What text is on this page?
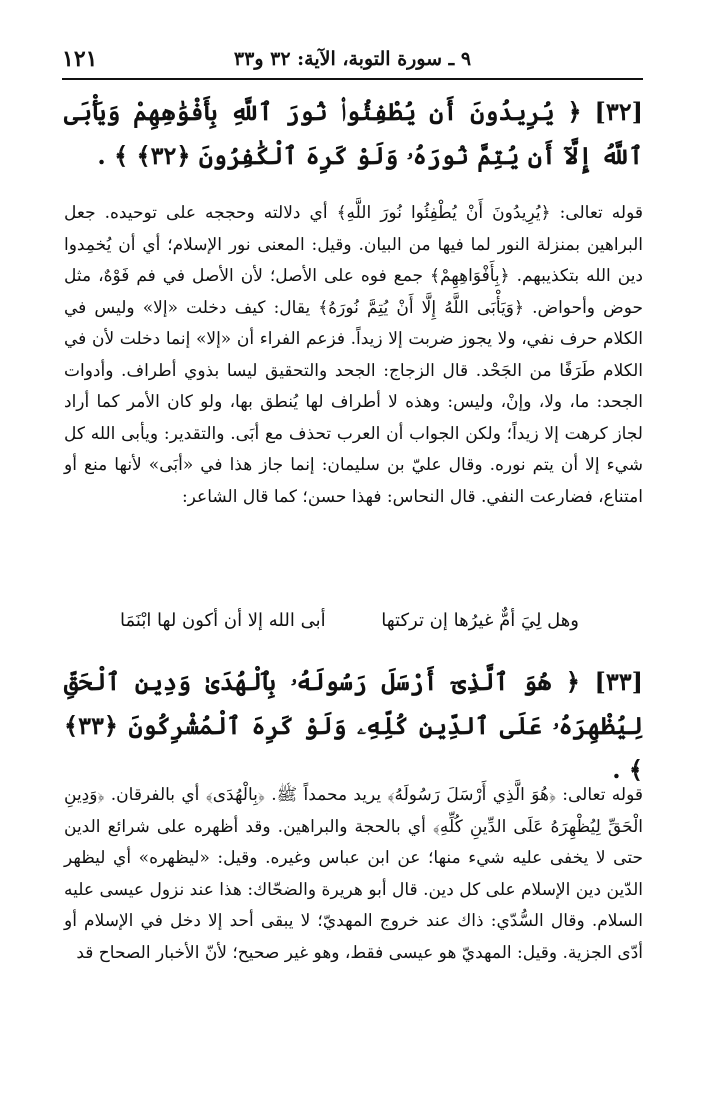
١٢١	٩ ـ سورة التوبة، الآية: ٣٢ و٣٣
[٣٢] ﴿ يُرِيدُونَ أَن يُطْفِئُوا۟ نُورَ ٱللَّهِ بِأَفْوَٰهِهِمْ وَيَأْبَى ٱللَّهُ إِلَّآ أَن يُتِمَّ نُورَهُۥ وَلَوْ كَرِهَ ٱلْكَٰفِرُونَ ﴿٣٢﴾ ﴾ .
قوله تعالى: ﴿يُرِيدُونَ أَنْ يُطْفِئُوا نُورَ اللَّهِ﴾ أي دلالته وحججه على توحيده. جعل البراهين بمنزلة النور لما فيها من البيان. وقيل: المعنى نور الإسلام؛ أي أن يُخمِدوا دين الله بتكذيبهم. ﴿بِأَفْوَاهِهِمْ﴾ جمع فوه على الأصل؛ لأن الأصل في فم فَوْهٌ، مثل حوض وأحواض. ﴿وَيَأْبَى اللَّهُ إِلَّا أَنْ يُتِمَّ نُورَهُ﴾ يقال: كيف دخلت «إلا» وليس في الكلام حرف نفي، ولا يجوز ضربت إلا زيداً. فزعم الفراء أن «إلا» إنما دخلت لأن في الكلام طَرَفًا من الجَحْد. قال الزجاج: الجحد والتحقيق ليسا بذوي أطراف. وأدوات الجحد: ما، ولا، وإنْ، وليس: وهذه لا أطراف لها يُنطق بها، ولو كان الأمر كما أراد لجاز كرهت إلا زيداً؛ ولكن الجواب أن العرب تحذف مع أبَى. والتقدير: ويأبى الله كل شيء إلا أن يتم نوره. وقال عليّ بن سليمان: إنما جاز هذا في «أبَى» لأنها منع أو امتناع، فضارعت النفي. قال النحاس: فهذا حسن؛ كما قال الشاعر:
وهل لِيَ أمٌّ غيرُها إن تركتها
أبى الله إلا أن أكون لها ابْنَمَا
[٣٣] ﴿ هُوَ ٱلَّذِىٓ أَرْسَلَ رَسُولَهُۥ بِٱلْهُدَىٰ وَدِينِ ٱلْحَقِّ لِيُظْهِرَهُۥ عَلَى ٱلدِّينِ كُلِّهِۦ وَلَوْ كَرِهَ ٱلْمُشْرِكُونَ ﴿٣٣﴾ ﴾ .
قوله تعالى: ﴿هُوَ الَّذِي أَرْسَلَ رَسُولَهُ﴾ يريد محمداً ﷺ. ﴿بِالْهُدَى﴾ أي بالفرقان. ﴿وَدِينِ الْحَقِّ لِيُظْهِرَهُ عَلَى الدِّينِ كُلِّهِ﴾ أي بالحجة والبراهين. وقد أظهره على شرائع الدين حتى لا يخفى عليه شيء منها؛ عن ابن عباس وغيره. وقيل: «ليظهره» أي ليظهر الدّين دين الإسلام على كل دين. قال أبو هريرة والضحّاك: هذا عند نزول عيسى عليه السلام. وقال السُّدّي: ذاك عند خروج المهديّ؛ لا يبقى أحد إلا دخل في الإسلام أو أدّى الجزية. وقيل: المهديّ هو عيسى فقط، وهو غير صحيح؛ لأنّ الأخبار الصحاح قد
